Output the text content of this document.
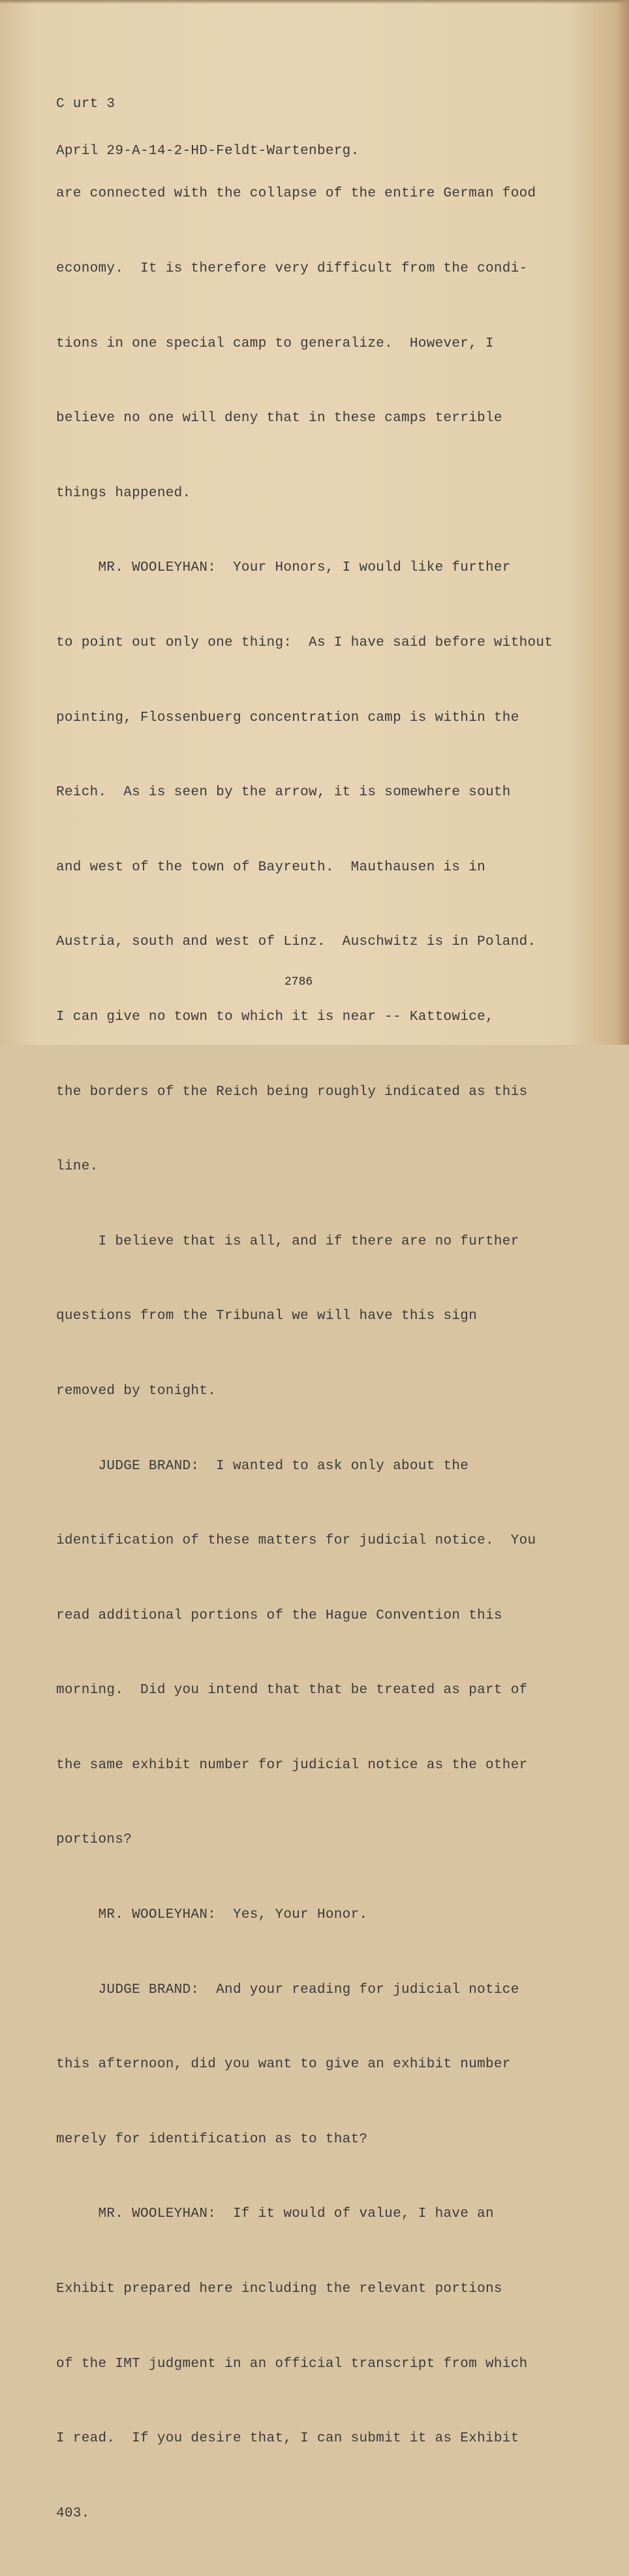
C urt 3

April 29-A-14-2-HD-Feldt-Wartenberg.

are connected with the collapse of the entire German food

economy.  It is therefore very difficult from the condi-

tions in one special camp to generalize.  However, I

believe no one will deny that in these camps terrible

things happened.

MR. WOOLEYHAN:  Your Honors, I would like further

to point out only one thing:  As I have said before without

pointing, Flossenbuerg concentration camp is within the

Reich.  As is seen by the arrow, it is somewhere south

and west of the town of Bayreuth.  Mauthausen is in

Austria, south and west of Linz.  Auschwitz is in Poland.

I can give no town to which it is near -- Kattowice,

the borders of the Reich being roughly indicated as this

line.

I believe that is all, and if there are no further

questions from the Tribunal we will have this sign

removed by tonight.

JUDGE BRAND:  I wanted to ask only about the

identification of these matters for judicial notice.  You

read additional portions of the Hague Convention this

morning.  Did you intend that that be treated as part of

the same exhibit number for judicial notice as the other

portions?

MR. WOOLEYHAN:  Yes, Your Honor.

JUDGE BRAND:  And your reading for judicial notice

this afternoon, did you want to give an exhibit number

merely for identification as to that?

MR. WOOLEYHAN:  If it would of value, I have an

Exhibit prepared here including the relevant portions

of the IMT judgment in an official transcript from which

I read.  If you desire that, I can submit it as Exhibit

403.

2786
